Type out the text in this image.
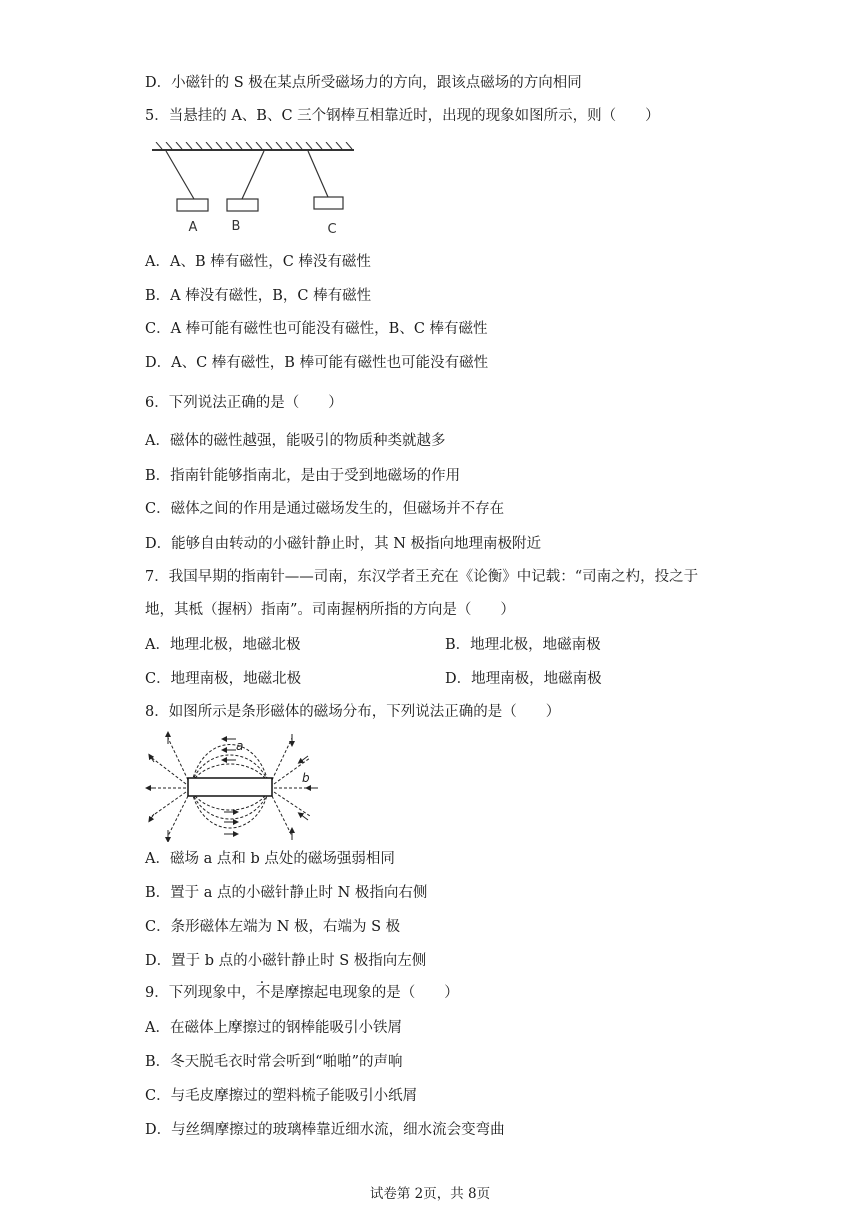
D．小磁针的 S 极在某点所受磁场力的方向，跟该点磁场的方向相同
5．当悬挂的 A、B、C 三个钢棒互相靠近时，出现的现象如图所示，则（　　）
A	B	C
A．A、B 棒有磁性，C 棒没有磁性
B．A 棒没有磁性，B，C 棒有磁性
C．A 棒可能有磁性也可能没有磁性，B、C 棒有磁性
D．A、C 棒有磁性，B 棒可能有磁性也可能没有磁性
6．下列说法正确的是（　　）
A．磁体的磁性越强，能吸引的物质种类就越多
B．指南针能够指南北，是由于受到地磁场的作用
C．磁体之间的作用是通过磁场发生的，但磁场并不存在
D．能够自由转动的小磁针静止时，其 N 极指向地理南极附近
7．我国早期的指南针——司南，东汉学者王充在《论衡》中记载：“司南之杓，投之于
地，其柢（握柄）指南”。司南握柄所指的方向是（　　）
A．地理北极，地磁北极	B．地理北极，地磁南极
C．地理南极，地磁北极	D．地理南极，地磁南极
8．如图所示是条形磁体的磁场分布，下列说法正确的是（　　）
a
b
A．磁场 a 点和 b 点处的磁场强弱相同
B．置于 a 点的小磁针静止时 N 极指向右侧
C．条形磁体左端为 N 极，右端为 S 极
D．置于 b 点的小磁针静止时 S 极指向左侧
9．下列现象中，不是摩擦起电现象的是（　　）
A．在磁体上摩擦过的钢棒能吸引小铁屑
B．冬天脱毛衣时常会听到“啪啪”的声响
C．与毛皮摩擦过的塑料梳子能吸引小纸屑
D．与丝绸摩擦过的玻璃棒靠近细水流，细水流会变弯曲
试卷第 2页，共 8页
